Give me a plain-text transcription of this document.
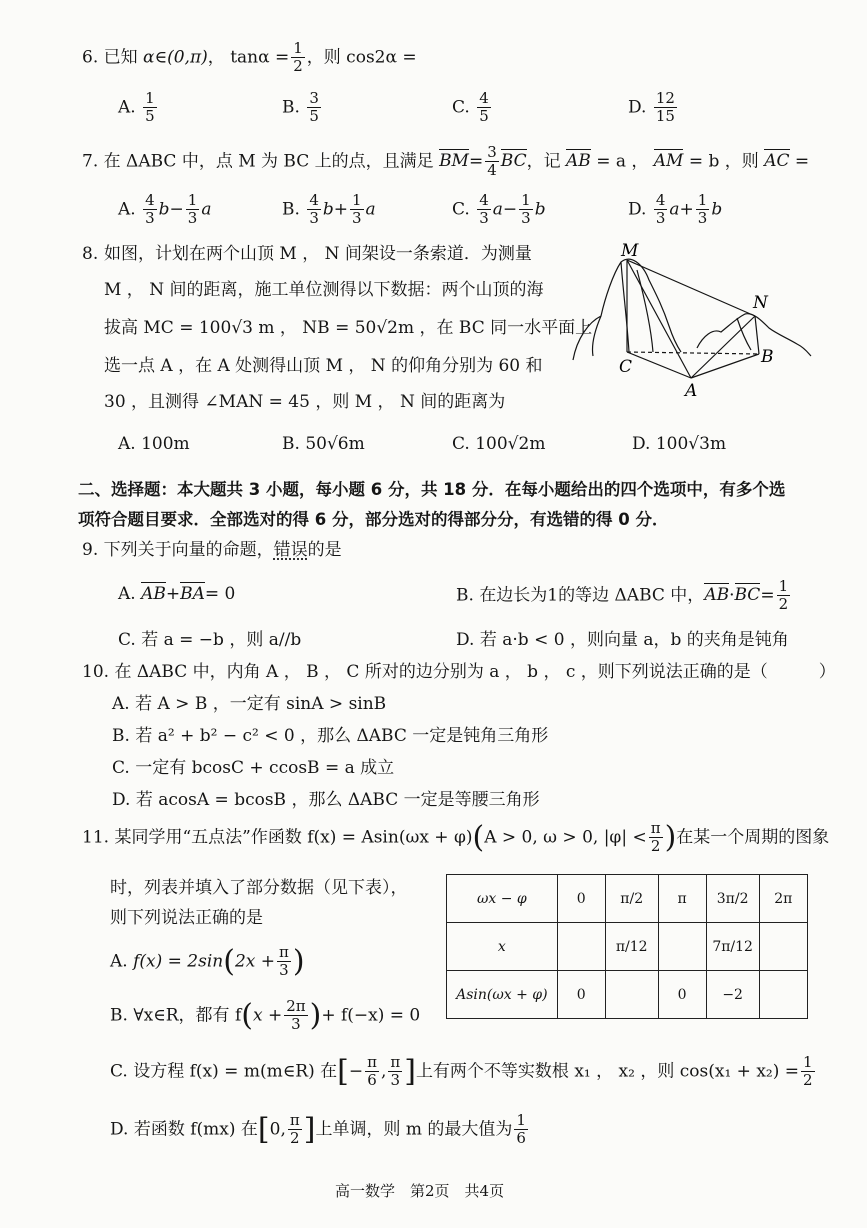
6. 已知 α∈(0,π)， $\tan\alpha = \frac{1}{2}$ ，则 cos2α =
A. $\frac{1}{5}$	B. $\frac{3}{5}$	C. $\frac{4}{5}$	D. $\frac{12}{15}$
7. 在 ΔABC 中，点 M 为 BC 上的点，且满足 $BM= \frac{3}{4}$ BC，记 AB = a ， AM = b ，则 AC =
A. $\frac{4}{3} b- \frac{1}{3}$ a	B. $\frac{4}{3} b+ \frac{1}{3}$ a	C. $\frac{4}{3} a- \frac{1}{3}$ b	D. $\frac{4}{3} a+ \frac{1}{3}$ b
8. 如图，计划在两个山顶 M ， N 间架设一条索道．为测量
M ， N 间的距离，施工单位测得以下数据：两个山顶的海
拔高 MC = 100√3 m ， NB = 50√2m ，在 BC 同一水平面上
选一点 A ，在 A 处测得山顶 M ， N 的仰角分别为 60 和
30 ，且测得 ∠MAN = 45 ，则 M ， N 间的距离为
M
N
C	B
A
A. 100m	B. 50√6m	C. 100√2m	D. 100√3m
二、选择题：本大题共 3 小题，每小题 6 分，共 18 分．在每小题给出的四个选项中，有多个选
项符合题目要求．全部选对的得 6 分，部分选对的得部分分，有选错的得 0 分．
9. 下列关于向量的命题，错误的是
A. AB+BA= 0	B. 在边长为1的等边 ΔABC 中，$AB\cdot BC= \frac{1}{2}$
C. 若 a = −b ，则 a//b	D. 若 a·b < 0 ，则向量 a，b 的夹角是钝角
10. 在 ΔABC 中，内角 A ， B ， C 所对的边分别为 a ， b ， c ，则下列说法正确的是（　　　）
A. 若 A > B ，一定有 sinA > sinB
B. 若 a² + b² − c² < 0 ，那么 ΔABC 一定是钝角三角形
C. 一定有 bcosC + ccosB = a 成立
D. 若 acosA = bcosB ，那么 ΔABC 一定是等腰三角形
11. 某同学用“五点法”作函数 f(x) = Asin(ωx + φ)(A > 0, ω > 0, $|\varphi| < \frac{\pi}{2}$ )在某一个周期的图象
时，列表并填入了部分数据（见下表），
则下列说法正确的是
ωx − φ	0	π/2	π	3π/2	2π
x		π/12		7π/12	
Asin(ωx + φ)	0		0	−2	
A. $f(x) = 2\sin(2x + \frac{\pi}{3}$ )
B. ∀x∈R，都有 $f(x + \frac{2\pi}{3}$ )+ f(−x) = 0
C. 设方程 f(x) = m(m∈R) 在[− $\frac{\pi}{6}$ , $\frac{\pi}{3}$ ]上有两个不等实数根 x₁ ， x₂ ，则 $\cos(x_1 + x_2) = \frac{1}{2}$
D. 若函数 f(mx) 在[0, $\frac{\pi}{2}$ ]上单调，则 m 的最大值为 $\frac{1}{6}$
高一数学　第2页　共4页
